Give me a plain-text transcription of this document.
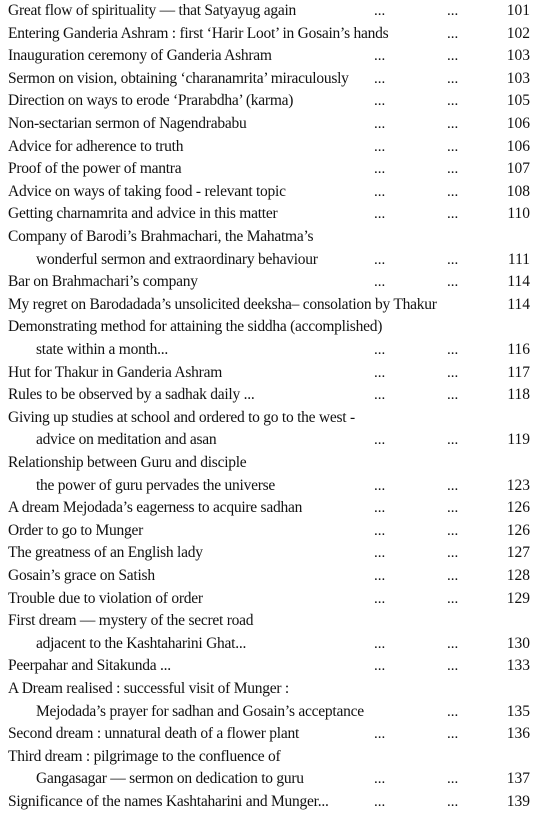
Great flow of spirituality — that Satyayug again	101
...	...
Entering Ganderia Ashram : first ‘Harir Loot’ in Gosain’s hands	102
...
Inauguration ceremony of Ganderia Ashram	103
...	...
Sermon on vision, obtaining ‘charanamrita’ miraculously	103
...	...
Direction on ways to erode ‘Prarabdha’ (karma)	105
...	...
Non-sectarian sermon of Nagendrababu	106
...	...
Advice for adherence to truth	106
...	...
Proof of the power of mantra	107
...	...
Advice on ways of taking food - relevant topic	108
...	...
Getting charnamrita and advice in this matter	110
...	...
Company of Barodi’s Brahmachari, the Mahatma’s
wonderful sermon and extraordinary behaviour	111
...	...
Bar on Brahmachari’s company	114
...	...
My regret on Barodadada’s unsolicited deeksha– consolation by Thakur	114
Demonstrating method for attaining the siddha (accomplished)
state within a month...	116
...	...
Hut for Thakur in Ganderia Ashram	117
...	...
Rules to be observed by a sadhak daily ...	118
...	...
Giving up studies at school and ordered to go to the west -
advice on meditation and asan	119
...	...
Relationship between Guru and disciple
the power of guru pervades the universe	123
...	...
A dream Mejodada’s eagerness to acquire sadhan	126
...	...
Order to go to Munger	126
...	...
The greatness of an English lady	127
...	...
Gosain’s grace on Satish	128
...	...
Trouble due to violation of order	129
...	...
First dream — mystery of the secret road
adjacent to the Kashtaharini Ghat...	130
...	...
Peerpahar and Sitakunda ...	133
...	...
A Dream realised : successful visit of Munger :
Mejodada’s prayer for sadhan and Gosain’s acceptance	135
...
Second dream : unnatural death of a flower plant	136
...	...
Third dream : pilgrimage to the confluence of
Gangasagar — sermon on dedication to guru	137
...	...
Significance of the names Kashtaharini and Munger...	139
...	...
